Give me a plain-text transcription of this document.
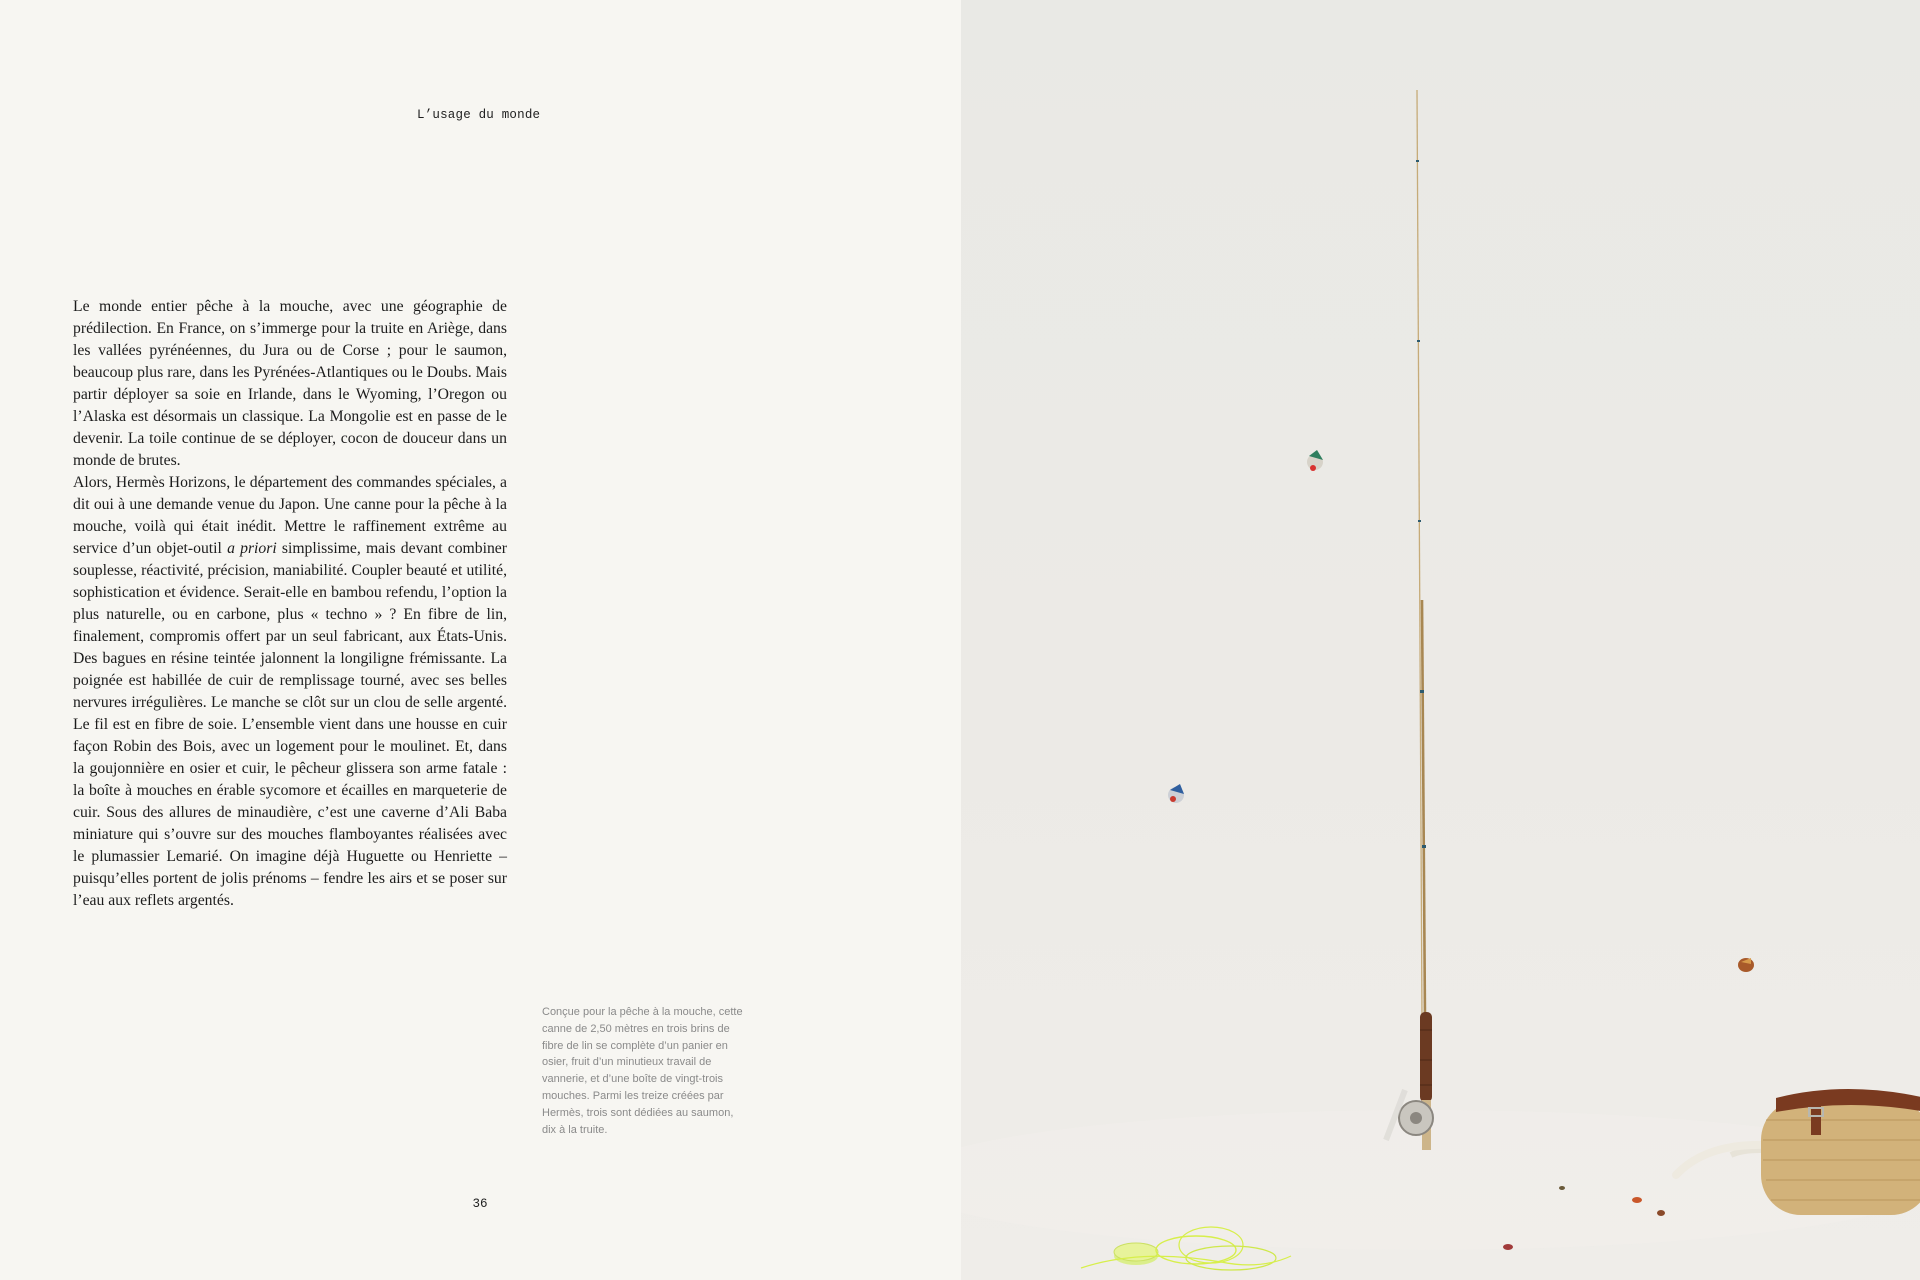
L’usage du monde

Le monde entier pêche à la mouche, avec une géographie de prédilection. En France, on s’immerge pour la truite en Ariège, dans les vallées pyrénéennes, du Jura ou de Corse ; pour le saumon, beaucoup plus rare, dans les Pyrénées-Atlantiques ou le Doubs. Mais partir déployer sa soie en Irlande, dans le Wyoming, l’Oregon ou l’Alaska est désormais un classique. La Mongolie est en passe de le devenir. La toile continue de se déployer, cocon de douceur dans un monde de brutes.

Alors, Hermès Horizons, le département des commandes spéciales, a dit oui à une demande venue du Japon. Une canne pour la pêche à la mouche, voilà qui était inédit. Mettre le raffinement extrême au service d’un objet-outil a priori simplissime, mais devant combiner souplesse, réactivité, précision, maniabilité. Coupler beauté et utilité, sophistication et évidence. Serait-elle en bambou refendu, l’option la plus naturelle, ou en carbone, plus « techno » ? En fibre de lin, finalement, compromis offert par un seul fabricant, aux États-Unis. Des bagues en résine teintée jalonnent la longiligne frémissante. La poignée est habillée de cuir de remplissage tourné, avec ses belles nervures irrégulières. Le manche se clôt sur un clou de selle argenté. Le fil est en fibre de soie. L’ensemble vient dans une housse en cuir façon Robin des Bois, avec un logement pour le moulinet. Et, dans la goujonnière en osier et cuir, le pêcheur glissera son arme fatale : la boîte à mouches en érable sycomore et écailles en marqueterie de cuir. Sous des allures de minaudière, c’est une caverne d’Ali Baba miniature qui s’ouvre sur des mouches flamboyantes réalisées avec le plumassier Lemarié. On imagine déjà Huguette ou Henriette – puisqu’elles portent de jolis prénoms – fendre les airs et se poser sur l’eau aux reflets argentés.

Conçue pour la pêche à la mouche, cette canne de 2,50 mètres en trois brins de fibre de lin se complète d’un panier en osier, fruit d’un minutieux travail de vannerie, et d’une boîte de vingt-trois mouches. Parmi les treize créées par Hermès, trois sont dédiées au saumon, dix à la truite.
36
